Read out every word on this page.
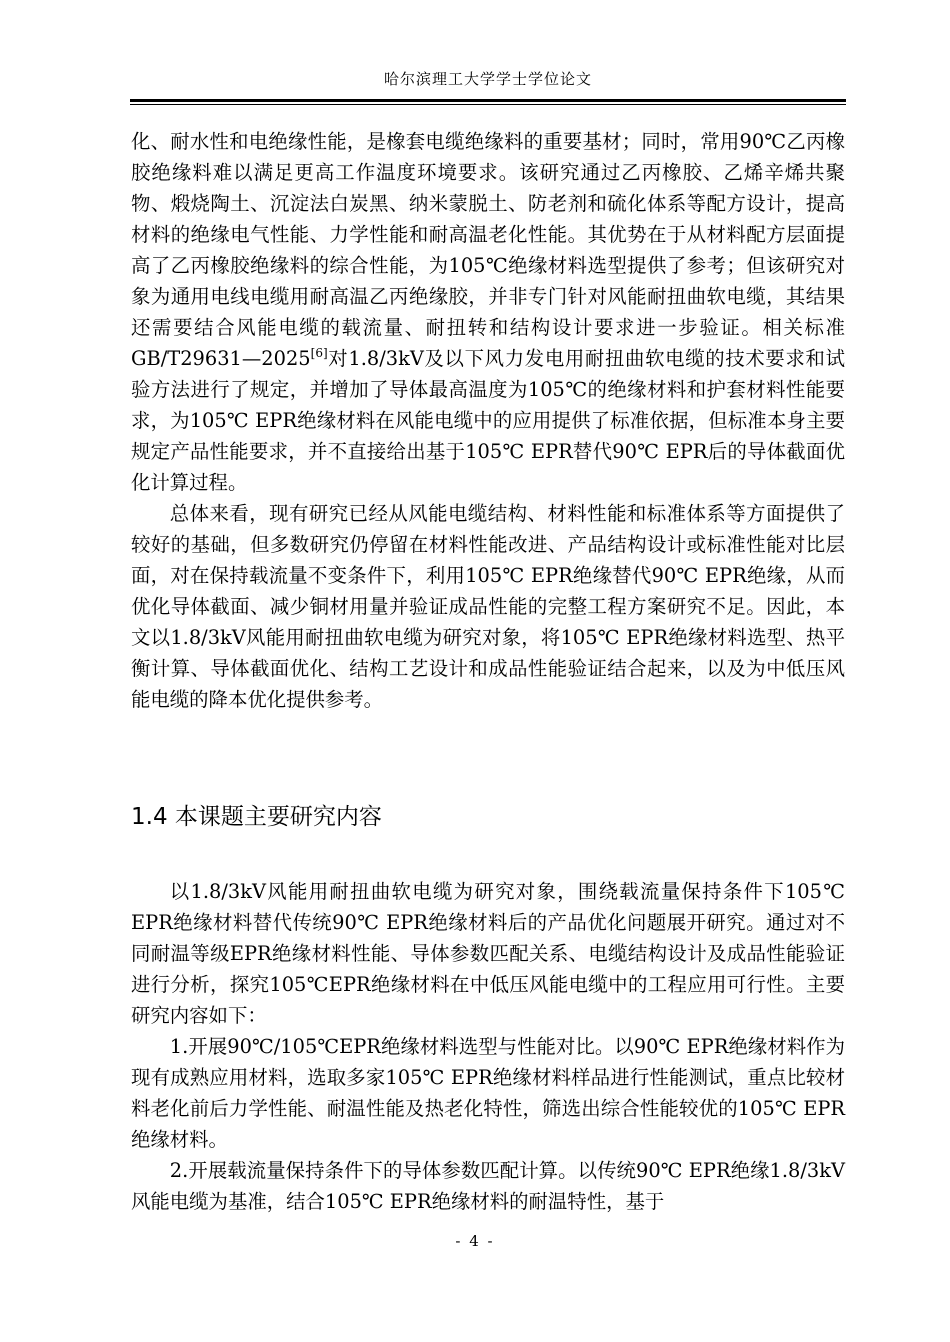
哈尔滨理工大学学士学位论文

化、耐水性和电绝缘性能，是橡套电缆绝缘料的重要基材；同时，常用90℃乙丙橡胶绝缘料难以满足更高工作温度环境要求。该研究通过乙丙橡胶、乙烯辛烯共聚物、煅烧陶土、沉淀法白炭黑、纳米蒙脱土、防老剂和硫化体系等配方设计，提高材料的绝缘电气性能、力学性能和耐高温老化性能。其优势在于从材料配方层面提高了乙丙橡胶绝缘料的综合性能，为105℃绝缘材料选型提供了参考；但该研究对象为通用电线电缆用耐高温乙丙绝缘胶，并非专门针对风能耐扭曲软电缆，其结果还需要结合风能电缆的载流量、耐扭转和结构设计要求进一步验证。相关标准GB/T29631—2025[6]对1.8/3kV及以下风力发电用耐扭曲软电缆的技术要求和试验方法进行了规定，并增加了导体最高温度为105℃的绝缘材料和护套材料性能要求，为105℃ EPR绝缘材料在风能电缆中的应用提供了标准依据，但标准本身主要规定产品性能要求，并不直接给出基于105℃ EPR替代90℃ EPR后的导体截面优化计算过程。

总体来看，现有研究已经从风能电缆结构、材料性能和标准体系等方面提供了较好的基础，但多数研究仍停留在材料性能改进、产品结构设计或标准性能对比层面，对在保持载流量不变条件下，利用105℃ EPR绝缘替代90℃ EPR绝缘，从而优化导体截面、减少铜材用量并验证成品性能的完整工程方案研究不足。因此，本文以1.8/3kV风能用耐扭曲软电缆为研究对象，将105℃ EPR绝缘材料选型、热平衡计算、导体截面优化、结构工艺设计和成品性能验证结合起来，以及为中低压风能电缆的降本优化提供参考。

1.4 本课题主要研究内容

以1.8/3kV风能用耐扭曲软电缆为研究对象，围绕载流量保持条件下105℃ EPR绝缘材料替代传统90℃ EPR绝缘材料后的产品优化问题展开研究。通过对不同耐温等级EPR绝缘材料性能、导体参数匹配关系、电缆结构设计及成品性能验证进行分析，探究105℃EPR绝缘材料在中低压风能电缆中的工程应用可行性。主要研究内容如下：

1.开展90℃/105℃EPR绝缘材料选型与性能对比。以90℃ EPR绝缘材料作为现有成熟应用材料，选取多家105℃ EPR绝缘材料样品进行性能测试，重点比较材料老化前后力学性能、耐温性能及热老化特性，筛选出综合性能较优的105℃ EPR绝缘材料。

2.开展载流量保持条件下的导体参数匹配计算。以传统90℃ EPR绝缘1.8/3kV风能电缆为基准，结合105℃ EPR绝缘材料的耐温特性，基于

- 4 -
